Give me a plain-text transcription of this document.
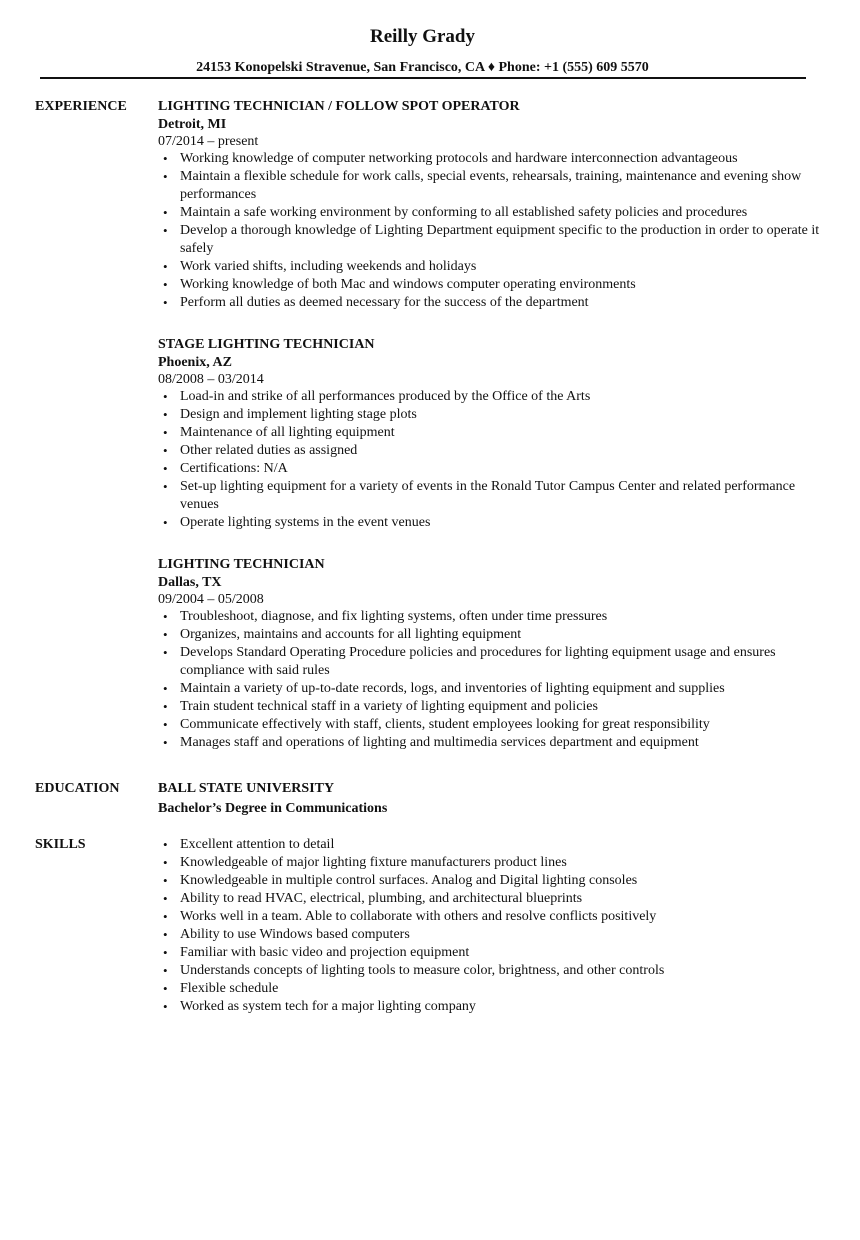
Reilly Grady
24153 Konopelski Stravenue, San Francisco, CA ♦ Phone: +1 (555) 609 5570
EXPERIENCE LIGHTING TECHNICIAN / FOLLOW SPOT OPERATOR
Detroit, MI
07/2014 – present
• Working knowledge of computer networking protocols and hardware interconnection advantageous
• Maintain a flexible schedule for work calls, special events, rehearsals, training, maintenance and evening show performances
• Maintain a safe working environment by conforming to all established safety policies and procedures
• Develop a thorough knowledge of Lighting Department equipment specific to the production in order to operate it safely
• Work varied shifts, including weekends and holidays
• Working knowledge of both Mac and windows computer operating environments
• Perform all duties as deemed necessary for the success of the department
STAGE LIGHTING TECHNICIAN
Phoenix, AZ
08/2008 – 03/2014
• Load-in and strike of all performances produced by the Office of the Arts
• Design and implement lighting stage plots
• Maintenance of all lighting equipment
• Other related duties as assigned
• Certifications: N/A
• Set-up lighting equipment for a variety of events in the Ronald Tutor Campus Center and related performance venues
• Operate lighting systems in the event venues
LIGHTING TECHNICIAN
Dallas, TX
09/2004 – 05/2008
• Troubleshoot, diagnose, and fix lighting systems, often under time pressures
• Organizes, maintains and accounts for all lighting equipment
• Develops Standard Operating Procedure policies and procedures for lighting equipment usage and ensures compliance with said rules
• Maintain a variety of up-to-date records, logs, and inventories of lighting equipment and supplies
• Train student technical staff in a variety of lighting equipment and policies
• Communicate effectively with staff, clients, student employees looking for great responsibility
• Manages staff and operations of lighting and multimedia services department and equipment
EDUCATION	BALL STATE UNIVERSITY
Bachelor’s Degree in Communications
SKILLS
•	Excellent attention to detail
• Knowledgeable of major lighting fixture manufacturers product lines
• Knowledgeable in multiple control surfaces. Analog and Digital lighting consoles
• Ability to read HVAC, electrical, plumbing, and architectural blueprints
• Works well in a team. Able to collaborate with others and resolve conflicts positively
• Ability to use Windows based computers
• Familiar with basic video and projection equipment
• Understands concepts of lighting tools to measure color, brightness, and other controls
• Flexible schedule
• Worked as system tech for a major lighting company
